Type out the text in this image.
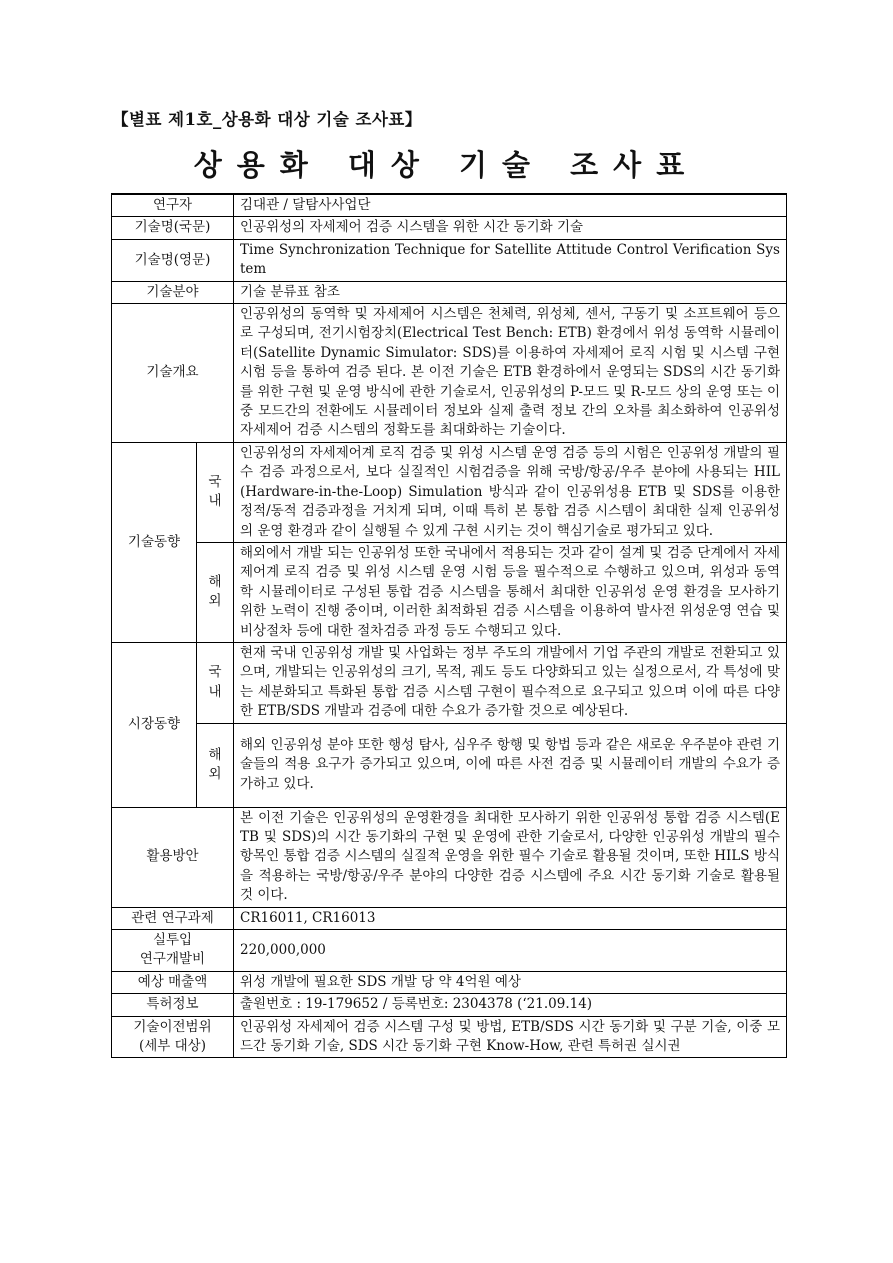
【별표 제1호_상용화 대상 기술 조사표】
상용화 대상 기술 조사표
연구자		김대관 / 달탐사사업단
기술명(국문)		인공위성의 자세제어 검증 시스템을 위한 시간 동기화 기술
기술명(영문)		Time Synchronization Technique for Satellite Attitude Control Verification System
기술분야		기술 분류표 참조
기술개요		인공위성의 동역학 및 자세제어 시스템은 천체력, 위성체, 센서, 구동기 및 소프트웨어 등으로 구성되며, 전기시험장치(Electrical Test Bench: ETB) 환경에서 위성 동역학 시뮬레이터(Satellite Dynamic Simulator: SDS)를 이용하여 자세제어 로직 시험 및 시스템 구현 시험 등을 통하여 검증 된다. 본 이전 기술은 ETB 환경하에서 운영되는 SDS의 시간 동기화를 위한 구현 및 운영 방식에 관한 기술로서, 인공위성의 P-모드 및 R-모드 상의 운영 또는 이중 모드간의 전환에도 시뮬레이터 정보와 실제 출력 정보 간의 오차를 최소화하여 인공위성 자세제어 검증 시스템의 정확도를 최대화하는 기술이다.
기술동향	국내	인공위성의 자세제어계 로직 검증 및 위성 시스템 운영 검증 등의 시험은 인공위성 개발의 필수 검증 과정으로서, 보다 실질적인 시험검증을 위해 국방/항공/우주 분야에 사용되는 HIL(Hardware-in-the-Loop) Simulation 방식과 같이 인공위성용 ETB 및 SDS를 이용한 정적/동적 검증과정을 거치게 되며, 이때 특히 본 통합 검증 시스템이 최대한 실제 인공위성의 운영 환경과 같이 실행될 수 있게 구현 시키는 것이 핵심기술로 평가되고 있다.
	해외	해외에서 개발 되는 인공위성 또한 국내에서 적용되는 것과 같이 설계 및 검증 단계에서 자세제어계 로직 검증 및 위성 시스템 운영 시험 등을 필수적으로 수행하고 있으며, 위성과 동역학 시뮬레이터로 구성된 통합 검증 시스템을 통해서 최대한 인공위성 운영 환경을 모사하기 위한 노력이 진행 중이며, 이러한 최적화된 검증 시스템을 이용하여 발사전 위성운영 연습 및 비상절차 등에 대한 절차검증 과정 등도 수행되고 있다.
시장동향	국내	현재 국내 인공위성 개발 및 사업화는 정부 주도의 개발에서 기업 주관의 개발로 전환되고 있으며, 개발되는 인공위성의 크기, 목적, 궤도 등도 다양화되고 있는 실정으로서, 각 특성에 맞는 세분화되고 특화된 통합 검증 시스템 구현이 필수적으로 요구되고 있으며 이에 따른 다양한 ETB/SDS 개발과 검증에 대한 수요가 증가할 것으로 예상된다.
	해외	해외 인공위성 분야 또한 행성 탐사, 심우주 항행 및 항법 등과 같은 새로운 우주분야 관련 기술들의 적용 요구가 증가되고 있으며, 이에 따른 사전 검증 및 시뮬레이터 개발의 수요가 증가하고 있다.
활용방안		본 이전 기술은 인공위성의 운영환경을 최대한 모사하기 위한 인공위성 통합 검증 시스템(ETB 및 SDS)의 시간 동기화의 구현 및 운영에 관한 기술로서, 다양한 인공위성 개발의 필수 항목인 통합 검증 시스템의 실질적 운영을 위한 필수 기술로 활용될 것이며, 또한 HILS 방식을 적용하는 국방/항공/우주 분야의 다양한 검증 시스템에 주요 시간 동기화 기술로 활용될 것 이다.
관련 연구과제		CR16011, CR16013

실투입
연구개발비		220,000,000
예상 매출액		위성 개발에 필요한 SDS 개발 당 약 4억원 예상
특허정보		출원번호 : 19-179652 / 등록번호: 2304378 (‘21.09.14)

기술이전범위
(세부 대상)		인공위성 자세제어 검증 시스템 구성 및 방법, ETB/SDS 시간 동기화 및 구분 기술, 이중 모드간 동기화 기술, SDS 시간 동기화 구현 Know-How, 관련 특허권 실시권
